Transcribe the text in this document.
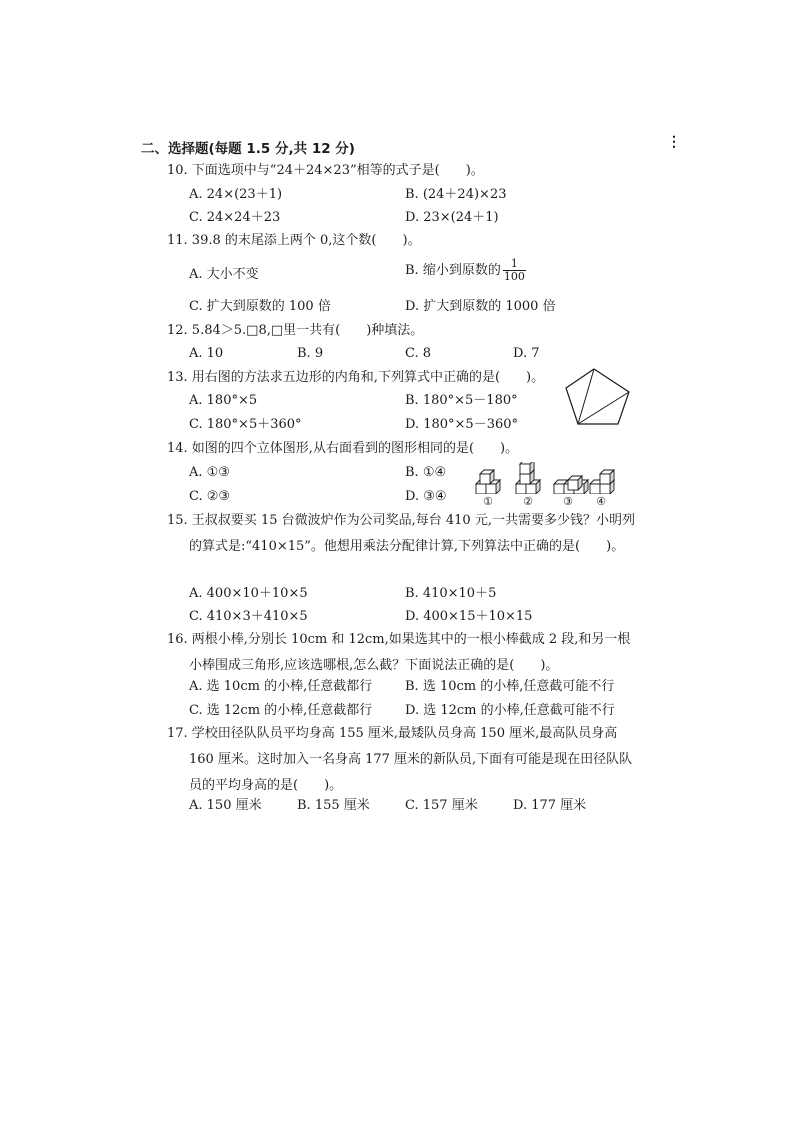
二、选择题(每题 1.5 分,共 12 分)	⋮
10. 下面选项中与“24＋24×23”相等的式子是(　　)。
A. 24×(23＋1)	B. (24＋24)×23
C. 24×24＋23	D. 23×(24＋1)
11. 39.8 的末尾添上两个 0,这个数(　　)。
A. 大小不变	B. 缩小到原数的 $\frac{1}{100}$
C. 扩大到原数的 100 倍	D. 扩大到原数的 1000 倍
12. 5.84＞5.□8,□里一共有(　　)种填法。
A. 10	B. 9	C. 8	D. 7
13. 用右图的方法求五边形的内角和,下列算式中正确的是(　　)。
A. 180°×5	B. 180°×5－180°
C. 180°×5＋360°	D. 180°×5－360°
14. 如图的四个立体图形,从右面看到的图形相同的是(　　)。
A. ①③	B. ①④
C. ②③	D. ③④	①	②	③	④
15. 王叔叔要买 15 台微波炉作为公司奖品,每台 410 元,一共需要多少钱？小明列的算式是:“410×15”。他想用乘法分配律计算,下列算法中正确的是(　　)。
A. 400×10＋10×5	B. 410×10＋5
C. 410×3＋410×5	D. 400×15＋10×15
16. 两根小棒,分别长 10cm 和 12cm,如果选其中的一根小棒截成 2 段,和另一根小棒围成三角形,应该选哪根,怎么截？下面说法正确的是(　　)。
A. 选 10cm 的小棒,任意截都行	B. 选 10cm 的小棒,任意截可能不行
C. 选 12cm 的小棒,任意截都行	D. 选 12cm 的小棒,任意截可能不行
17. 学校田径队队员平均身高 155 厘米,最矮队员身高 150 厘米,最高队员身高 160 厘米。这时加入一名身高 177 厘米的新队员,下面有可能是现在田径队队员的平均身高的是(　　)。
A. 150 厘米	B. 155 厘米	C. 157 厘米	D. 177 厘米
